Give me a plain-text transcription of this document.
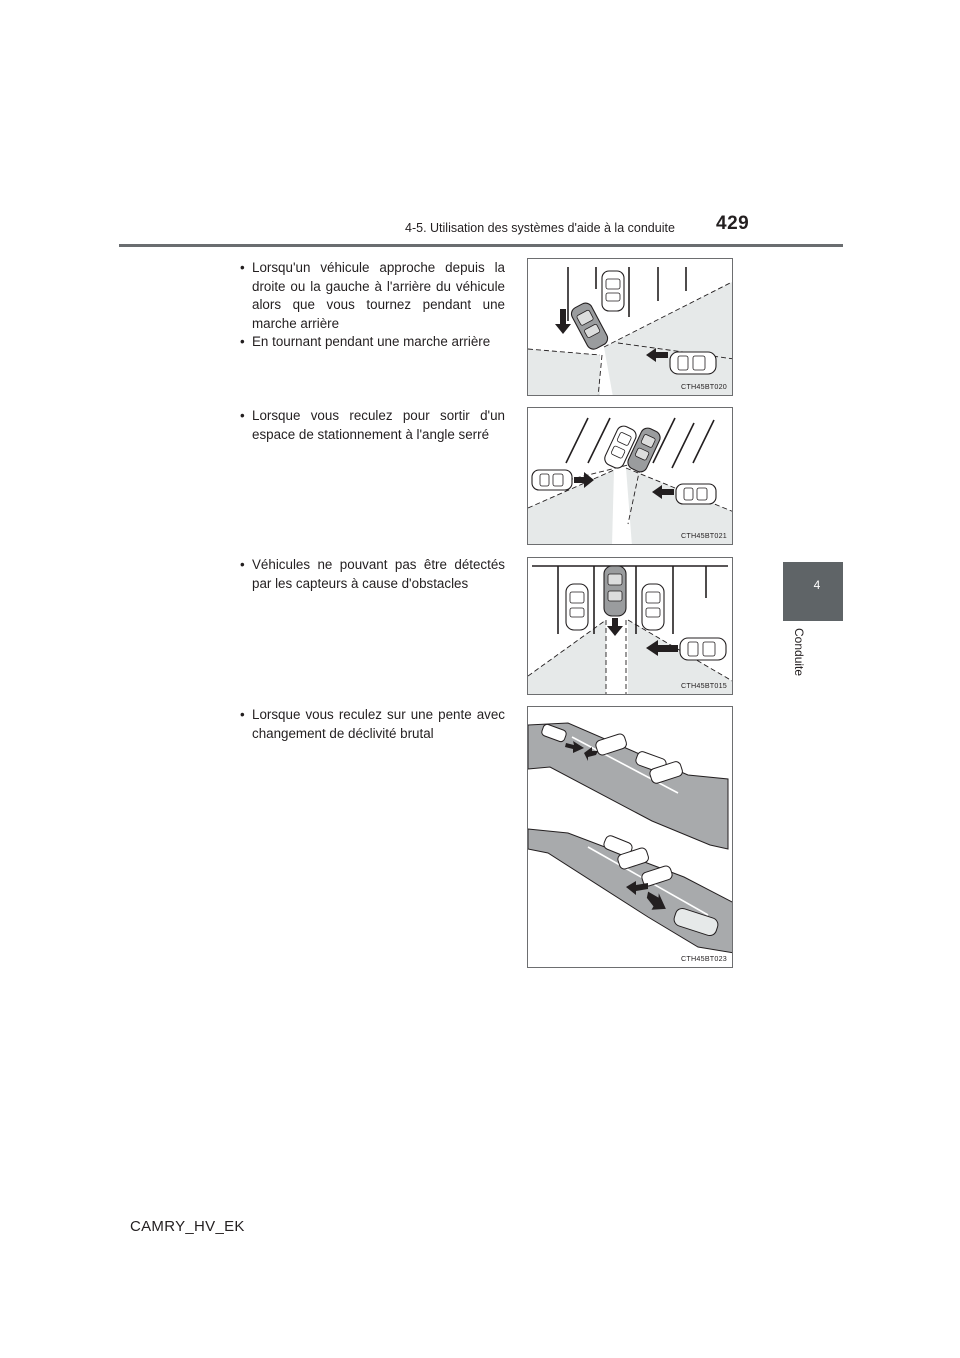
4-5. Utilisation des systèmes d'aide à la conduite	429
4
Conduite
• Lorsqu'un véhicule approche depuis la droite ou la gauche à l'arrière du véhicule alors que vous tournez pendant une marche arrière
• En tournant pendant une marche arrière
• Lorsque vous reculez pour sortir d'un espace de stationnement à l'angle serré
• Véhicules ne pouvant pas être détectés par les capteurs à cause d'obstacles
• Lorsque vous reculez sur une pente avec changement de déclivité brutal
CTH45BT020
CTH45BT021
CTH45BT015
CTH45BT023
CAMRY_HV_EK
